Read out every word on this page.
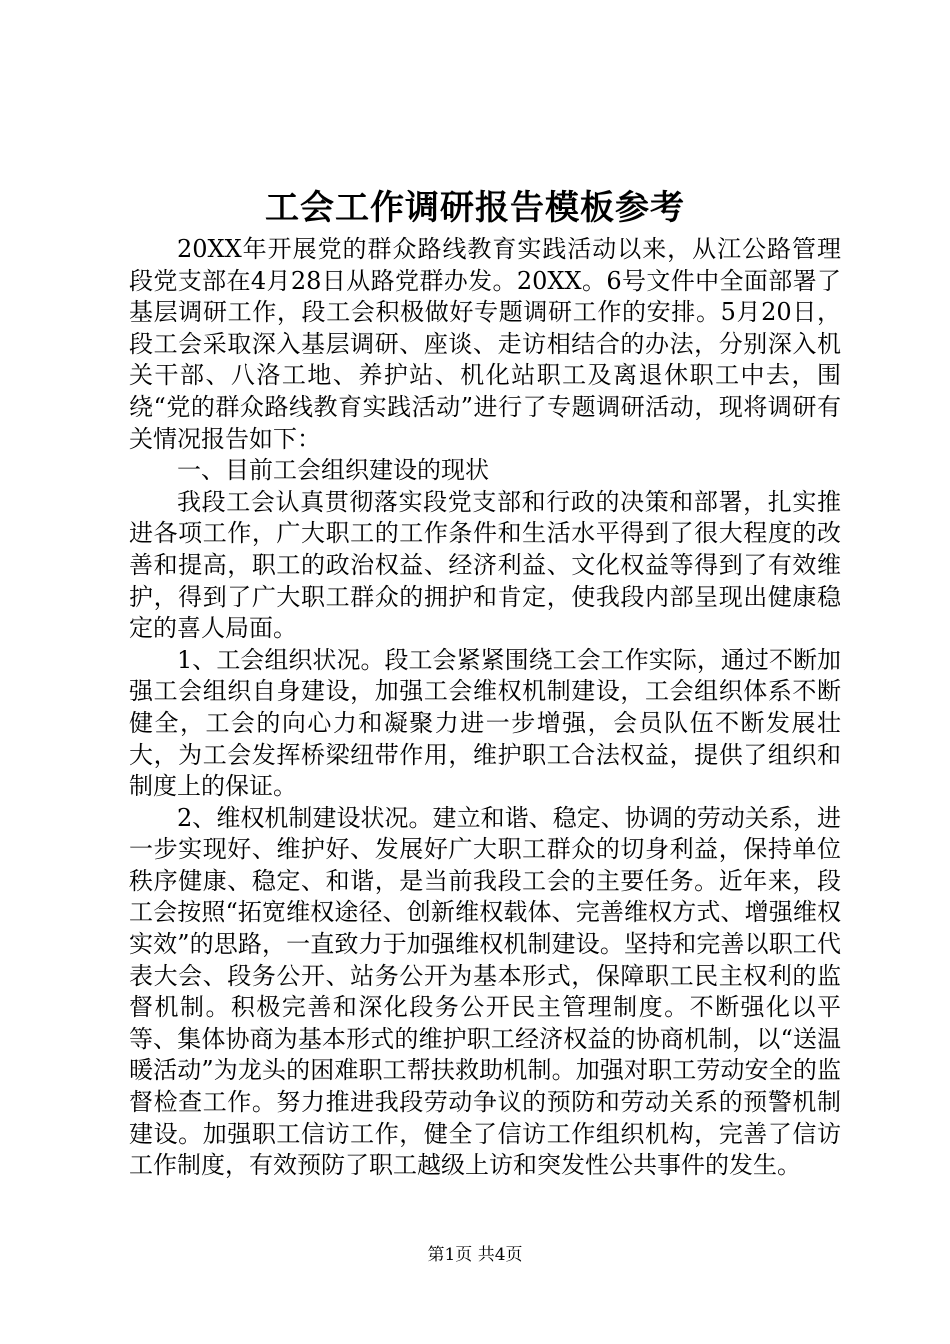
工会工作调研报告模板参考

20XX年开展党的群众路线教育实践活动以来，从江公路管理段党支部在4月28日从路党群办发。20XX。6号文件中全面部署了基层调研工作，段工会积极做好专题调研工作的安排。5月20日，段工会采取深入基层调研、座谈、走访相结合的办法，分别深入机关干部、八洛工地、养护站、机化站职工及离退休职工中去，围绕“党的群众路线教育实践活动”进行了专题调研活动，现将调研有关情况报告如下：

一、目前工会组织建设的现状

我段工会认真贯彻落实段党支部和行政的决策和部署，扎实推进各项工作，广大职工的工作条件和生活水平得到了很大程度的改善和提高，职工的政治权益、经济利益、文化权益等得到了有效维护，得到了广大职工群众的拥护和肯定，使我段内部呈现出健康稳定的喜人局面。

1、工会组织状况。段工会紧紧围绕工会工作实际，通过不断加强工会组织自身建设，加强工会维权机制建设，工会组织体系不断健全，工会的向心力和凝聚力进一步增强，会员队伍不断发展壮大，为工会发挥桥梁纽带作用，维护职工合法权益，提供了组织和制度上的保证。

2、维权机制建设状况。建立和谐、稳定、协调的劳动关系，进一步实现好、维护好、发展好广大职工群众的切身利益，保持单位秩序健康、稳定、和谐，是当前我段工会的主要任务。近年来，段工会按照“拓宽维权途径、创新维权载体、完善维权方式、增强维权实效”的思路，一直致力于加强维权机制建设。坚持和完善以职工代表大会、段务公开、站务公开为基本形式，保障职工民主权利的监督机制。积极完善和深化段务公开民主管理制度。不断强化以平等、集体协商为基本形式的维护职工经济权益的协商机制，以“送温暖活动”为龙头的困难职工帮扶救助机制。加强对职工劳动安全的监督检查工作。努力推进我段劳动争议的预防和劳动关系的预警机制建设。加强职工信访工作，健全了信访工作组织机构，完善了信访工作制度，有效预防了职工越级上访和突发性公共事件的发生。

第1页 共4页
